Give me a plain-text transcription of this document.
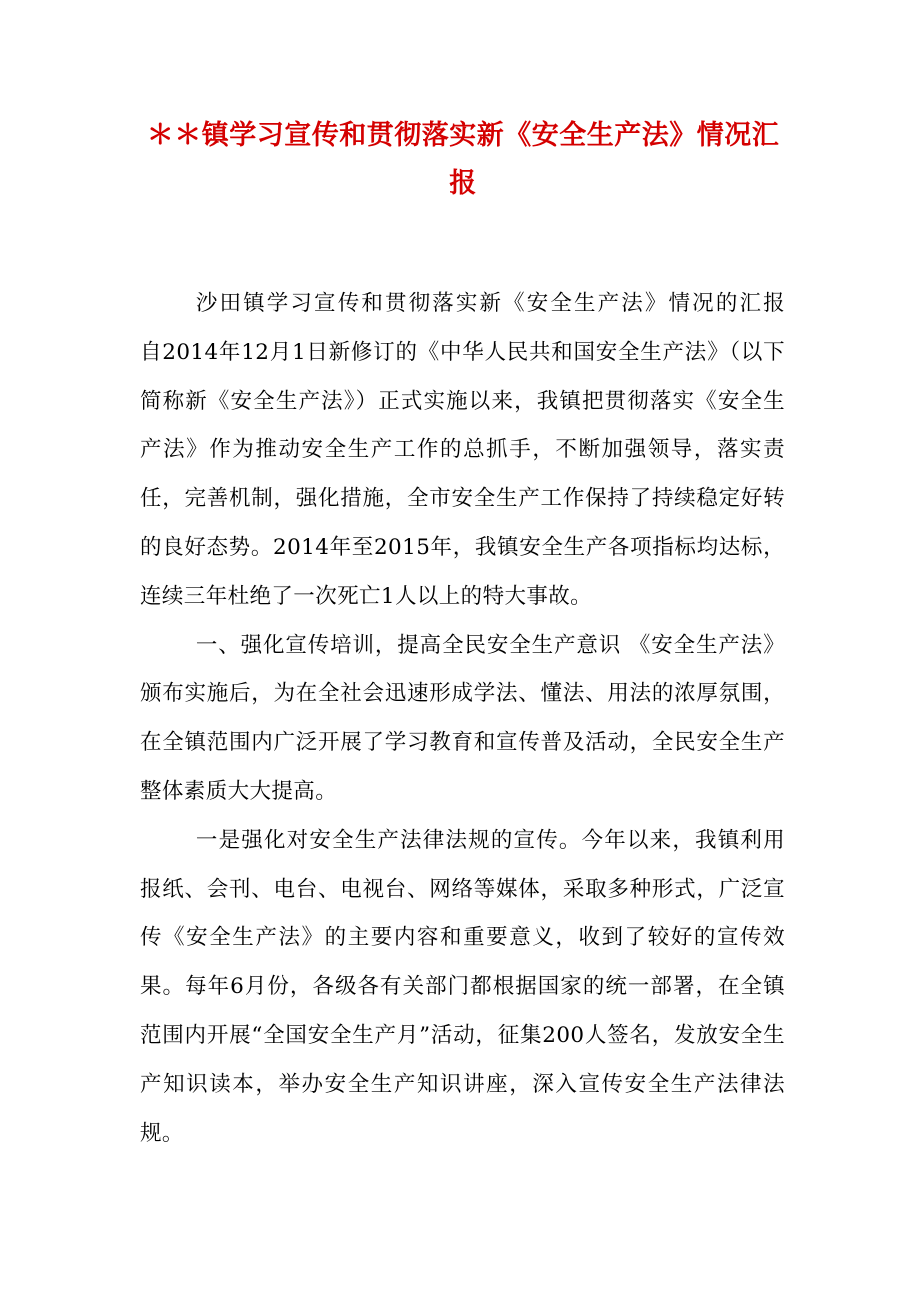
＊＊镇学习宣传和贯彻落实新《安全生产法》情况汇报

沙田镇学习宣传和贯彻落实新《安全生产法》情况的汇报　自2014年12月1日新修订的《中华人民共和国安全生产法》（以下简称新《安全生产法》）正式实施以来，我镇把贯彻落实《安全生产法》作为推动安全生产工作的总抓手，不断加强领导，落实责任，完善机制，强化措施，全市安全生产工作保持了持续稳定好转的良好态势。2014年至2015年，我镇安全生产各项指标均达标，连续三年杜绝了一次死亡1人以上的特大事故。

一、强化宣传培训，提高全民安全生产意识 《安全生产法》颁布实施后，为在全社会迅速形成学法、懂法、用法的浓厚氛围，在全镇范围内广泛开展了学习教育和宣传普及活动，全民安全生产整体素质大大提高。

一是强化对安全生产法律法规的宣传。今年以来，我镇利用报纸、会刊、电台、电视台、网络等媒体，采取多种形式，广泛宣传《安全生产法》的主要内容和重要意义，收到了较好的宣传效果。每年6月份，各级各有关部门都根据国家的统一部署，在全镇范围内开展“全国安全生产月”活动，征集200人签名，发放安全生产知识读本，举办安全生产知识讲座，深入宣传安全生产法律法规。
